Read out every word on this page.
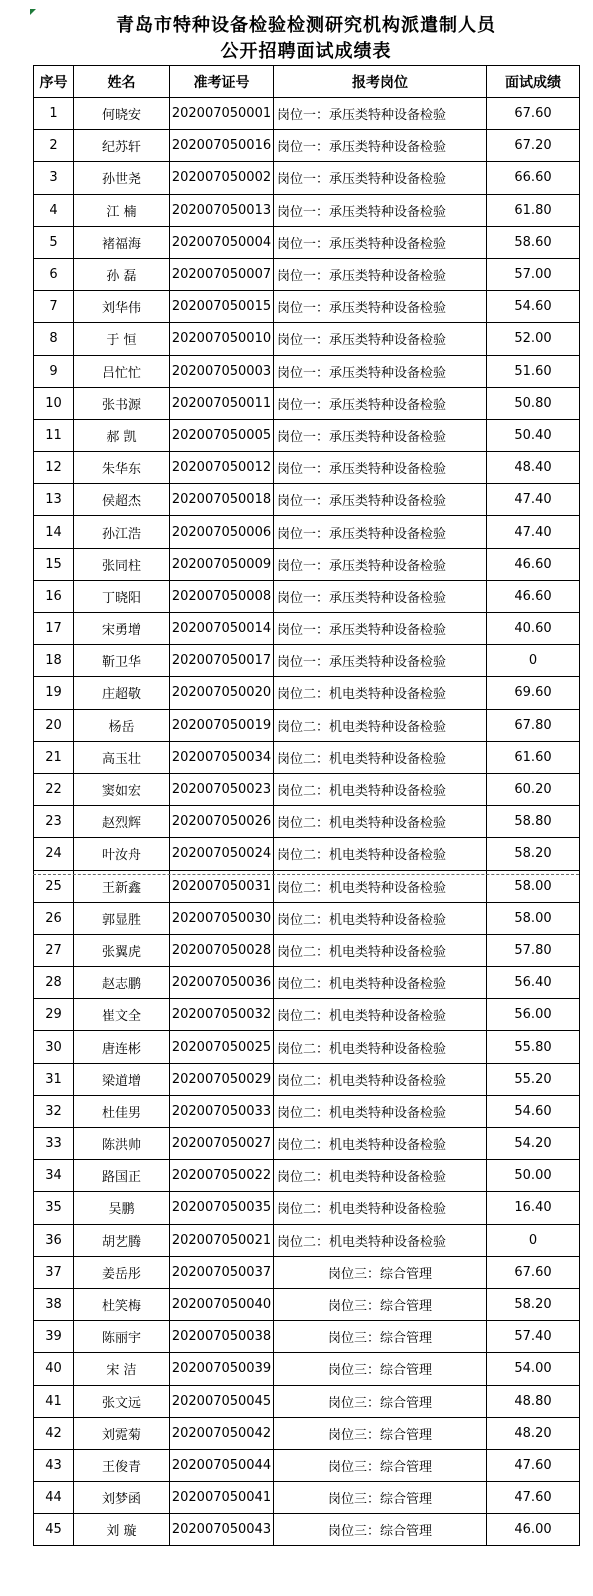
青岛市特种设备检验检测研究机构派遣制人员
公开招聘面试成绩表
序号	姓名	准考证号	报考岗位	面试成绩
1	何晓安	202007050001	岗位一：承压类特种设备检验	67.60
2	纪苏轩	202007050016	岗位一：承压类特种设备检验	67.20
3	孙世尧	202007050002	岗位一：承压类特种设备检验	66.60
4	江 楠	202007050013	岗位一：承压类特种设备检验	61.80
5	褚福海	202007050004	岗位一：承压类特种设备检验	58.60
6	孙 磊	202007050007	岗位一：承压类特种设备检验	57.00
7	刘华伟	202007050015	岗位一：承压类特种设备检验	54.60
8	于 恒	202007050010	岗位一：承压类特种设备检验	52.00
9	吕忙忙	202007050003	岗位一：承压类特种设备检验	51.60
10	张书源	202007050011	岗位一：承压类特种设备检验	50.80
11	郝 凯	202007050005	岗位一：承压类特种设备检验	50.40
12	朱华东	202007050012	岗位一：承压类特种设备检验	48.40
13	侯超杰	202007050018	岗位一：承压类特种设备检验	47.40
14	孙江浩	202007050006	岗位一：承压类特种设备检验	47.40
15	张同柱	202007050009	岗位一：承压类特种设备检验	46.60
16	丁晓阳	202007050008	岗位一：承压类特种设备检验	46.60
17	宋勇增	202007050014	岗位一：承压类特种设备检验	40.60
18	靳卫华	202007050017	岗位一：承压类特种设备检验	0
19	庄超敬	202007050020	岗位二：机电类特种设备检验	69.60
20	杨岳	202007050019	岗位二：机电类特种设备检验	67.80
21	高玉壮	202007050034	岗位二：机电类特种设备检验	61.60
22	窦如宏	202007050023	岗位二：机电类特种设备检验	60.20
23	赵烈辉	202007050026	岗位二：机电类特种设备检验	58.80
24	叶汝舟	202007050024	岗位二：机电类特种设备检验	58.20
25	王新鑫	202007050031	岗位二：机电类特种设备检验	58.00
26	郭显胜	202007050030	岗位二：机电类特种设备检验	58.00
27	张翼虎	202007050028	岗位二：机电类特种设备检验	57.80
28	赵志鹏	202007050036	岗位二：机电类特种设备检验	56.40
29	崔文全	202007050032	岗位二：机电类特种设备检验	56.00
30	唐连彬	202007050025	岗位二：机电类特种设备检验	55.80
31	梁道增	202007050029	岗位二：机电类特种设备检验	55.20
32	杜佳男	202007050033	岗位二：机电类特种设备检验	54.60
33	陈洪帅	202007050027	岗位二：机电类特种设备检验	54.20
34	路国正	202007050022	岗位二：机电类特种设备检验	50.00
35	吴鹏	202007050035	岗位二：机电类特种设备检验	16.40
36	胡艺腾	202007050021	岗位二：机电类特种设备检验	0
37	姜岳彤	202007050037	岗位三：综合管理	67.60
38	杜笑梅	202007050040	岗位三：综合管理	58.20
39	陈丽宇	202007050038	岗位三：综合管理	57.40
40	宋 洁	202007050039	岗位三：综合管理	54.00
41	张文远	202007050045	岗位三：综合管理	48.80
42	刘霓菊	202007050042	岗位三：综合管理	48.20
43	王俊青	202007050044	岗位三：综合管理	47.60
44	刘梦函	202007050041	岗位三：综合管理	47.60
45	刘 璇	202007050043	岗位三：综合管理	46.00
